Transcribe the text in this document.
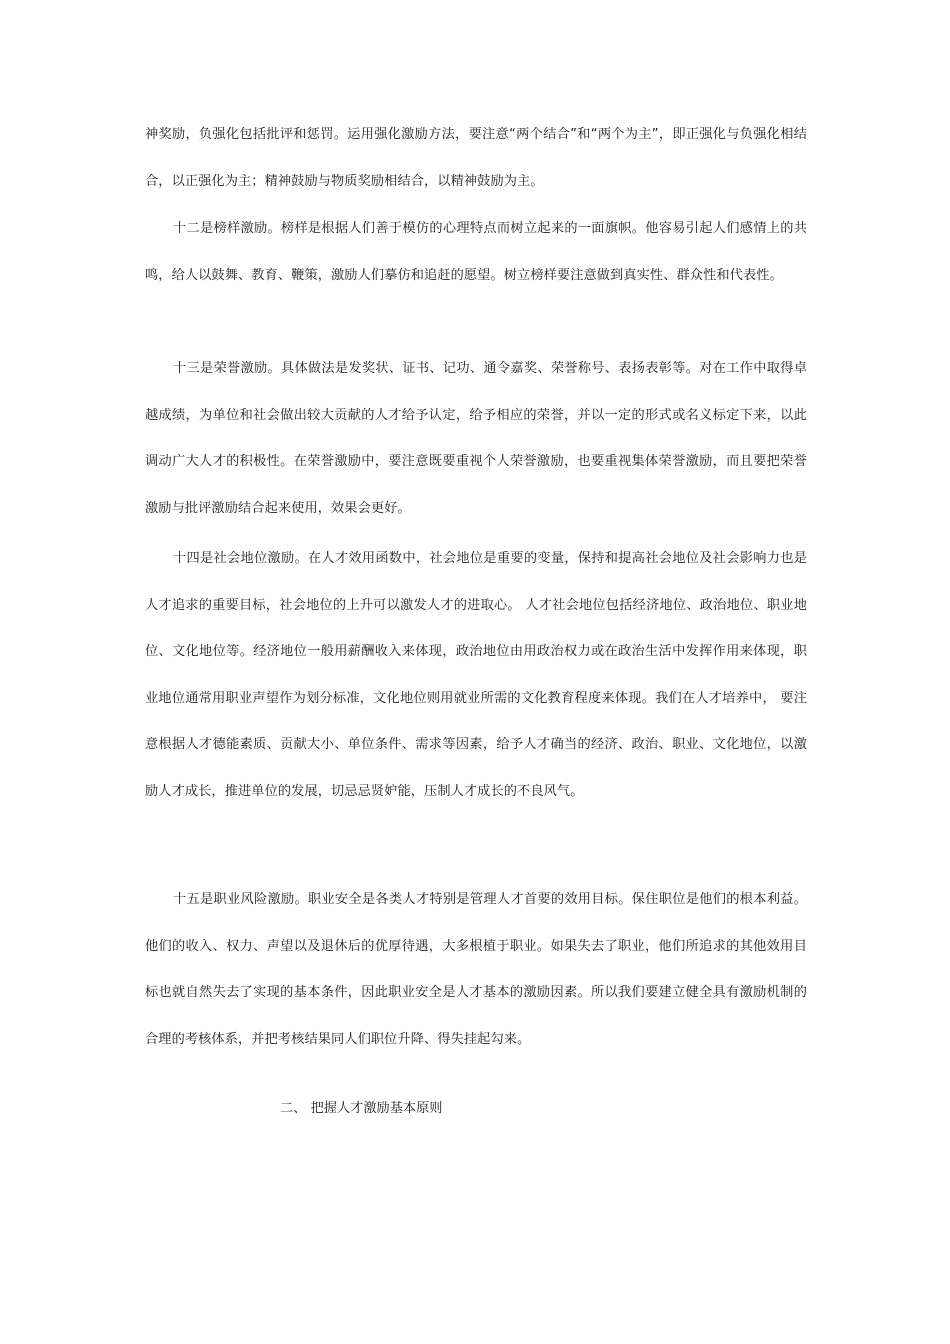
神奖励，负强化包括批评和惩罚。运用强化激励方法，要注意“两个结合”和“两个为主”，即正强化与负强化相结合，以正强化为主；精神鼓励与物质奖励相结合，以精神鼓励为主。

十二是榜样激励。榜样是根据人们善于模仿的心理特点而树立起来的一面旗帜。他容易引起人们感情上的共鸣，给人以鼓舞、教育、鞭策，激励人们摹仿和追赶的愿望。树立榜样要注意做到真实性、群众性和代表性。

十三是荣誉激励。具体做法是发奖状、证书、记功、通令嘉奖、荣誉称号、表扬表彰等。对在工作中取得卓越成绩，为单位和社会做出较大贡献的人才给予认定，给予相应的荣誉，并以一定的形式或名义标定下来，以此调动广大人才的积极性。在荣誉激励中，要注意既要重视个人荣誉激励，也要重视集体荣誉激励，而且要把荣誉激励与批评激励结合起来使用，效果会更好。

十四是社会地位激励。在人才效用函数中，社会地位是重要的变量，保持和提高社会地位及社会影响力也是人才追求的重要目标，社会地位的上升可以激发人才的进取心。 人才社会地位包括经济地位、政治地位、职业地位、文化地位等。经济地位一般用薪酬收入来体现，政治地位由用政治权力或在政治生活中发挥作用来体现，职业地位通常用职业声望作为划分标准，文化地位则用就业所需的文化教育程度来体现。我们在人才培养中， 要注意根据人才德能素质、贡献大小、单位条件、需求等因素，给予人才确当的经济、政治、职业、文化地位，以激励人才成长，推进单位的发展，切忌忌贤妒能，压制人才成长的不良风气。

十五是职业风险激励。职业安全是各类人才特别是管理人才首要的效用目标。保住职位是他们的根本利益。他们的收入、权力、声望以及退休后的优厚待遇，大多根植于职业。如果失去了职业，他们所追求的其他效用目标也就自然失去了实现的基本条件，因此职业安全是人才基本的激励因素。所以我们要建立健全具有激励机制的合理的考核体系，并把考核结果同人们职位升降、得失挂起勾来。

二、 把握人才激励基本原则
